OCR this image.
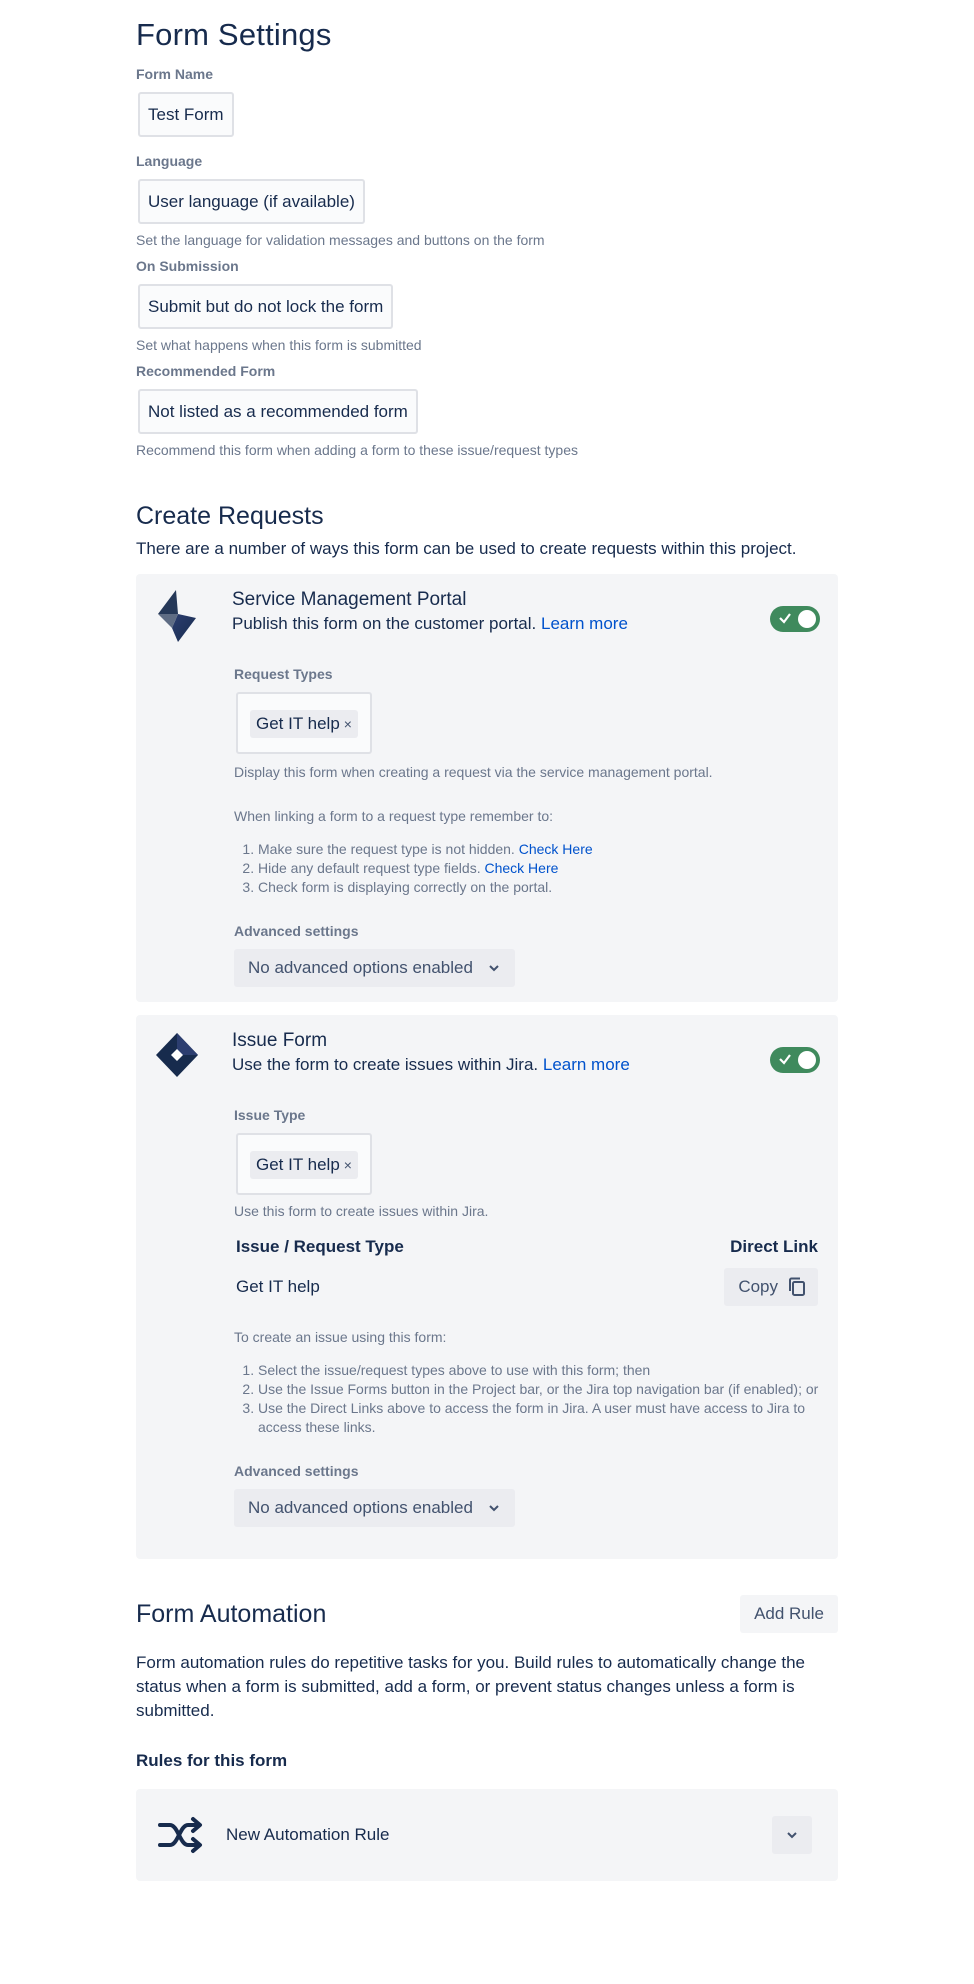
Form Settings
Form Name
Test Form
Language
User language (if available)
Set the language for validation messages and buttons on the form
On Submission
Submit but do not lock the form
Set what happens when this form is submitted
Recommended Form
Not listed as a recommended form
Recommend this form when adding a form to these issue/request types
Create Requests

There are a number of ways this form can be used to create requests within this project.

Service Management Portal
Publish this form on the customer portal. Learn more
Request Types
Get IT help ×
Display this form when creating a request via the service management portal.
When linking a form to a request type remember to:
1. Make sure the request type is not hidden. Check Here
2. Hide any default request type fields. Check Here
3. Check form is displaying correctly on the portal.
Advanced settings
No advanced options enabled
Issue Form
Use the form to create issues within Jira. Learn more
Issue Type
Get IT help ×
Use this form to create issues within Jira.
Issue / Request Type	Direct Link
Get IT help	Copy
To create an issue using this form:
1. Select the issue/request types above to use with this form; then
2. Use the Issue Forms button in the Project bar, or the Jira top navigation bar (if enabled); or
3. Use the Direct Links above to access the form in Jira. A user must have access to Jira to access these links.
Advanced settings
No advanced options enabled
Form Automation	Add Rule

Form automation rules do repetitive tasks for you. Build rules to automatically change the status when a form is submitted, add a form, or prevent status changes unless a form is submitted.

Rules for this form
New Automation Rule
